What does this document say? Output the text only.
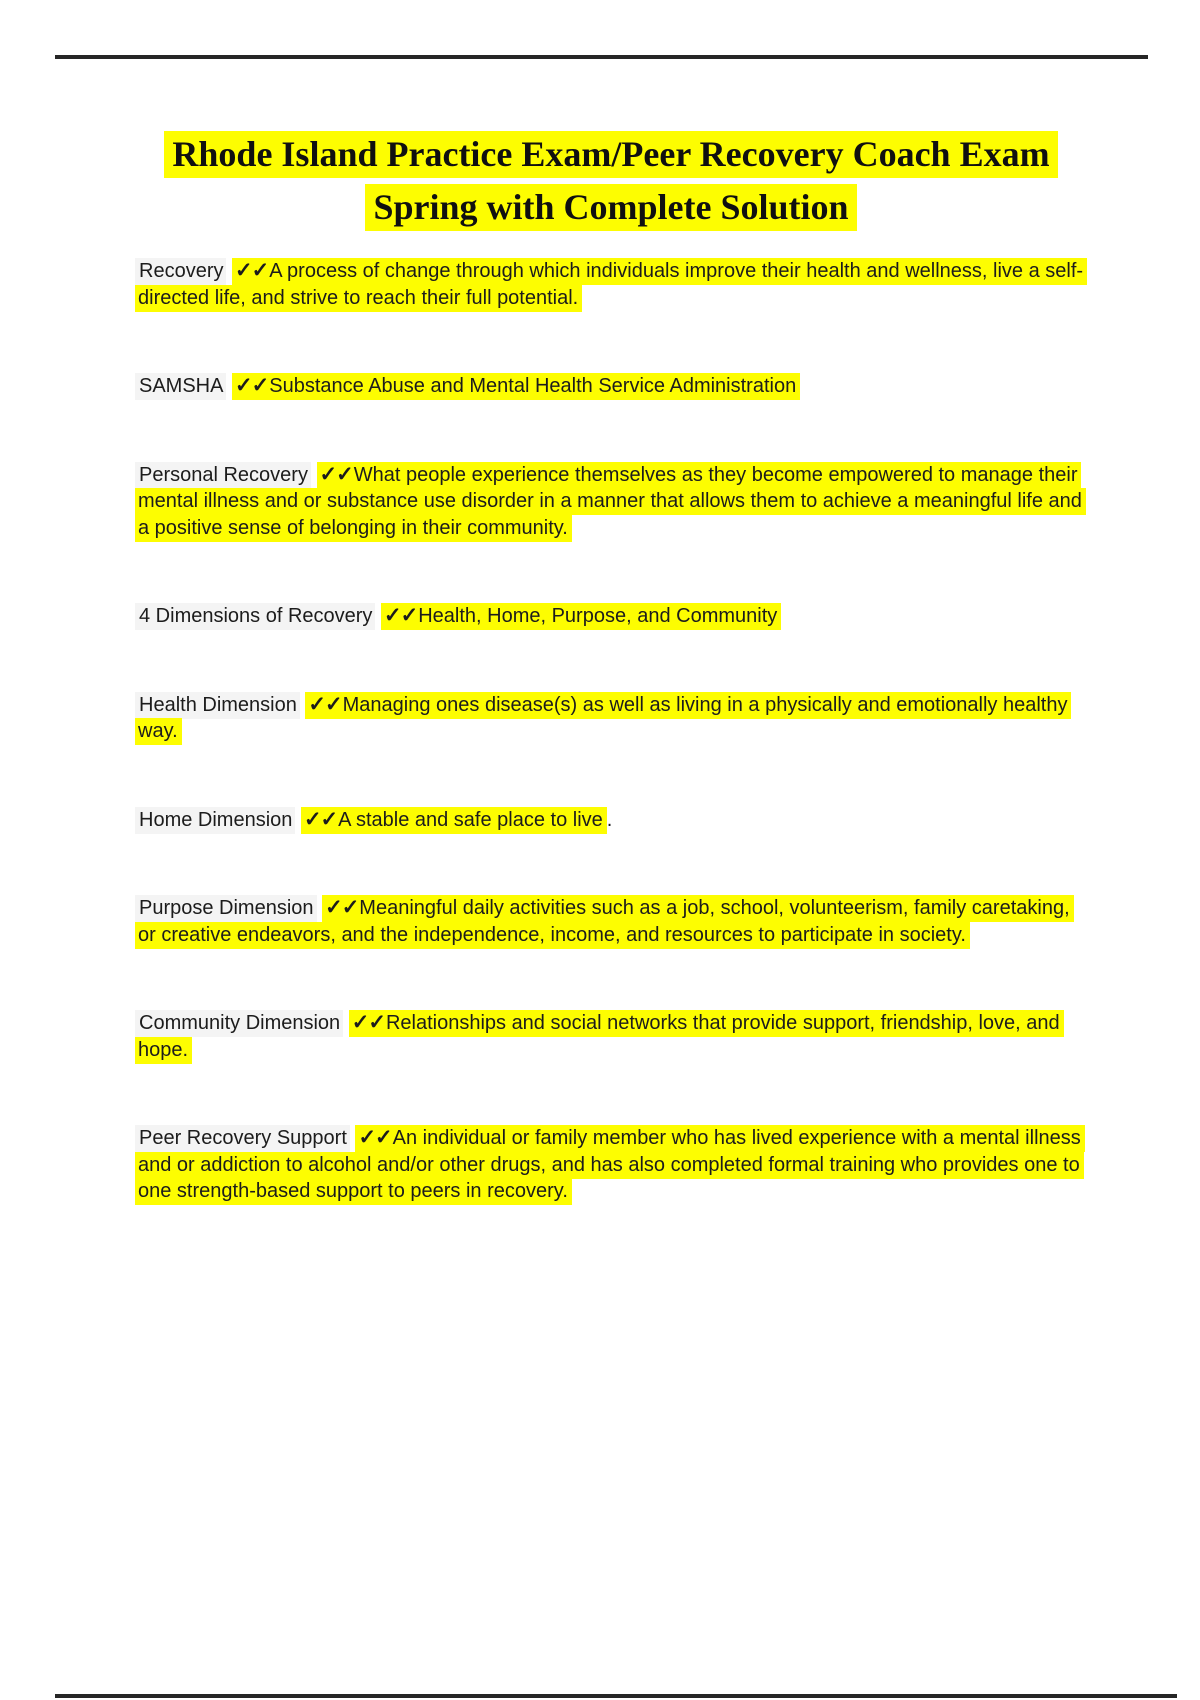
Rhode Island Practice Exam/Peer Recovery Coach Exam
Spring with Complete Solution

Recovery ✓✓A process of change through which individuals improve their health and wellness, live a self-directed life, and strive to reach their full potential.

SAMSHA ✓✓Substance Abuse and Mental Health Service Administration

Personal Recovery ✓✓What people experience themselves as they become empowered to manage their mental illness and or substance use disorder in a manner that allows them to achieve a meaningful life and a positive sense of belonging in their community.

4 Dimensions of Recovery ✓✓Health, Home, Purpose, and Community

Health Dimension ✓✓Managing ones disease(s) as well as living in a physically and emotionally healthy way.

Home Dimension ✓✓A stable and safe place to live .

Purpose Dimension ✓✓Meaningful daily activities such as a job, school, volunteerism, family caretaking, or creative endeavors, and the independence, income, and resources to participate in society.

Community Dimension ✓✓Relationships and social networks that provide support, friendship, love, and hope.

Peer Recovery Support ✓✓An individual or family member who has lived experience with a mental illness and or addiction to alcohol and/or other drugs, and has also completed formal training who provides one to one strength-based support to peers in recovery.
